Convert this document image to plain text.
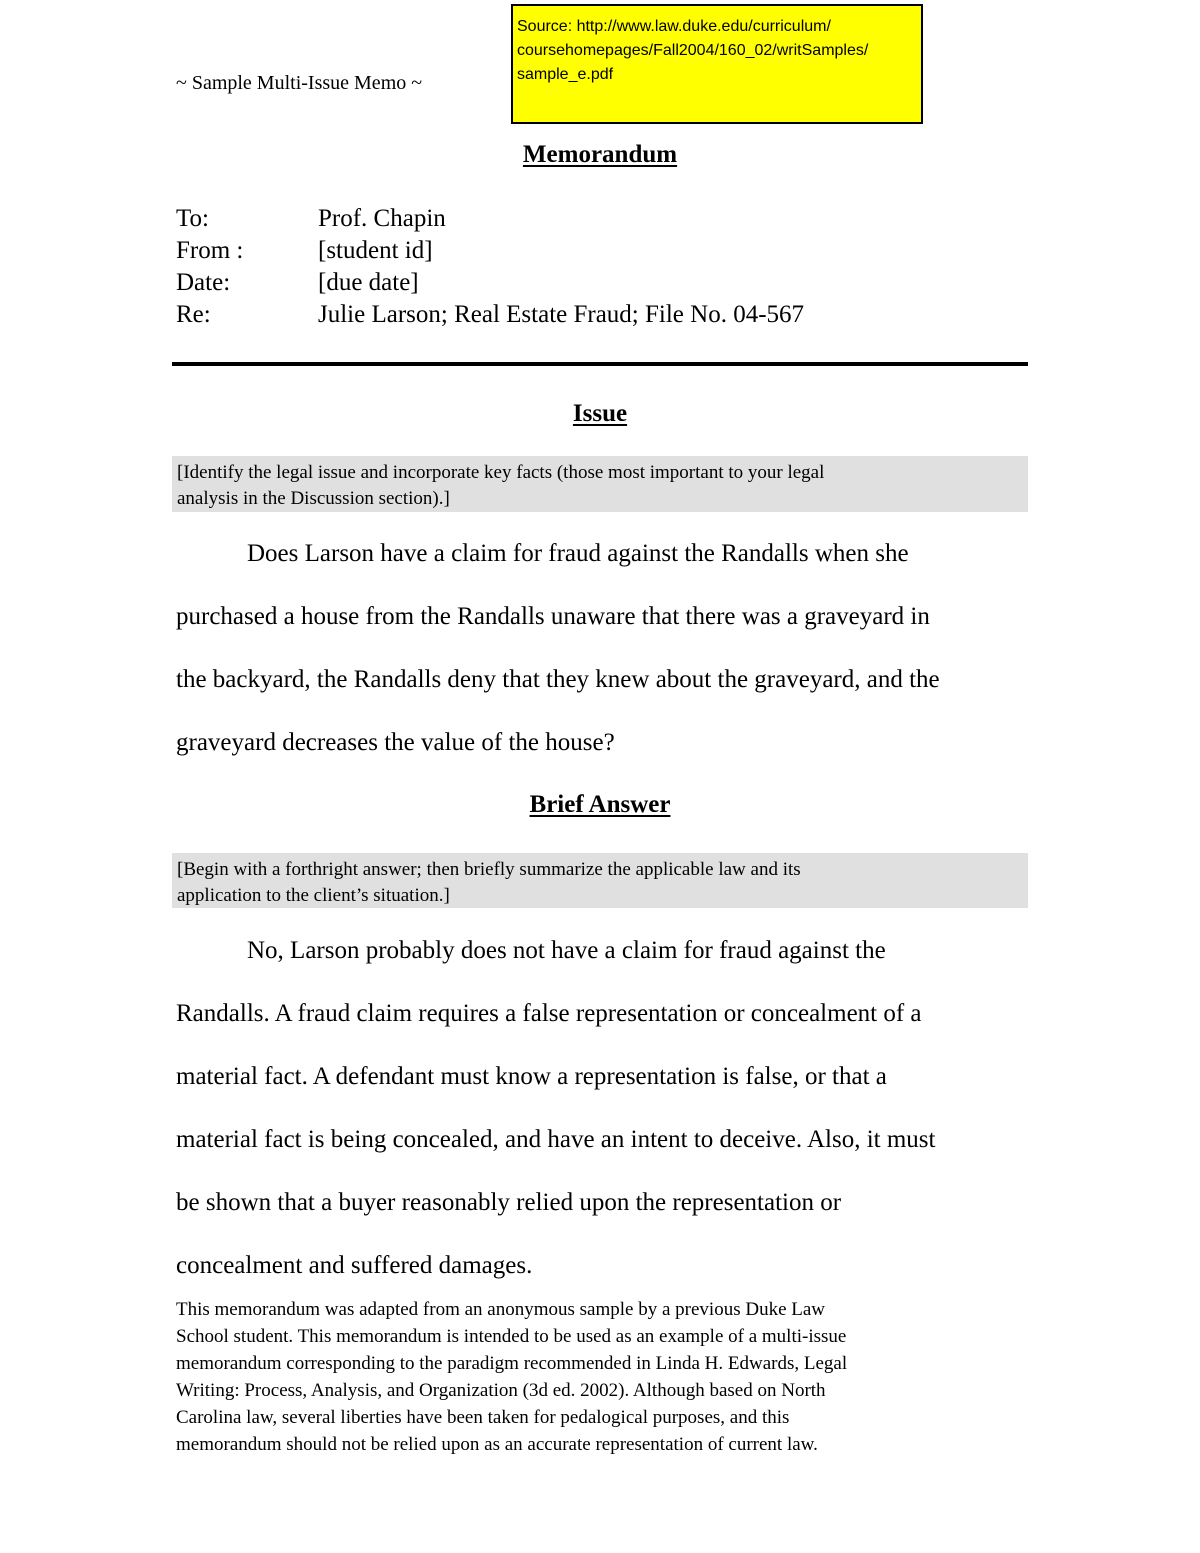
~ Sample Multi-Issue Memo ~
Source: http://www.law.duke.edu/curriculum/
coursehomepages/Fall2004/160_02/writSamples/
sample_e.pdf
Memorandum
To:	Prof. Chapin
From :	[student id]
Date:	[due date]
Re:	Julie Larson; Real Estate Fraud; File No. 04-567
Issue
[Identify the legal issue and incorporate key facts (those most important to your legal
analysis in the Discussion section).]
Does Larson have a claim for fraud against the Randalls when she
purchased a house from the Randalls unaware that there was a graveyard in
the backyard, the Randalls deny that they knew about the graveyard, and the
graveyard decreases the value of the house?
Brief Answer
[Begin with a forthright answer; then briefly summarize the applicable law and its
application to the client’s situation.]
No, Larson probably does not have a claim for fraud against the
Randalls. A fraud claim requires a false representation or concealment of a
material fact. A defendant must know a representation is false, or that a
material fact is being concealed, and have an intent to deceive. Also, it must
be shown that a buyer reasonably relied upon the representation or
concealment and suffered damages.
This memorandum was adapted from an anonymous sample by a previous Duke Law
School student. This memorandum is intended to be used as an example of a multi-issue
memorandum corresponding to the paradigm recommended in Linda H. Edwards, Legal
Writing: Process, Analysis, and Organization (3d ed. 2002). Although based on North
Carolina law, several liberties have been taken for pedalogical purposes, and this
memorandum should not be relied upon as an accurate representation of current law.
